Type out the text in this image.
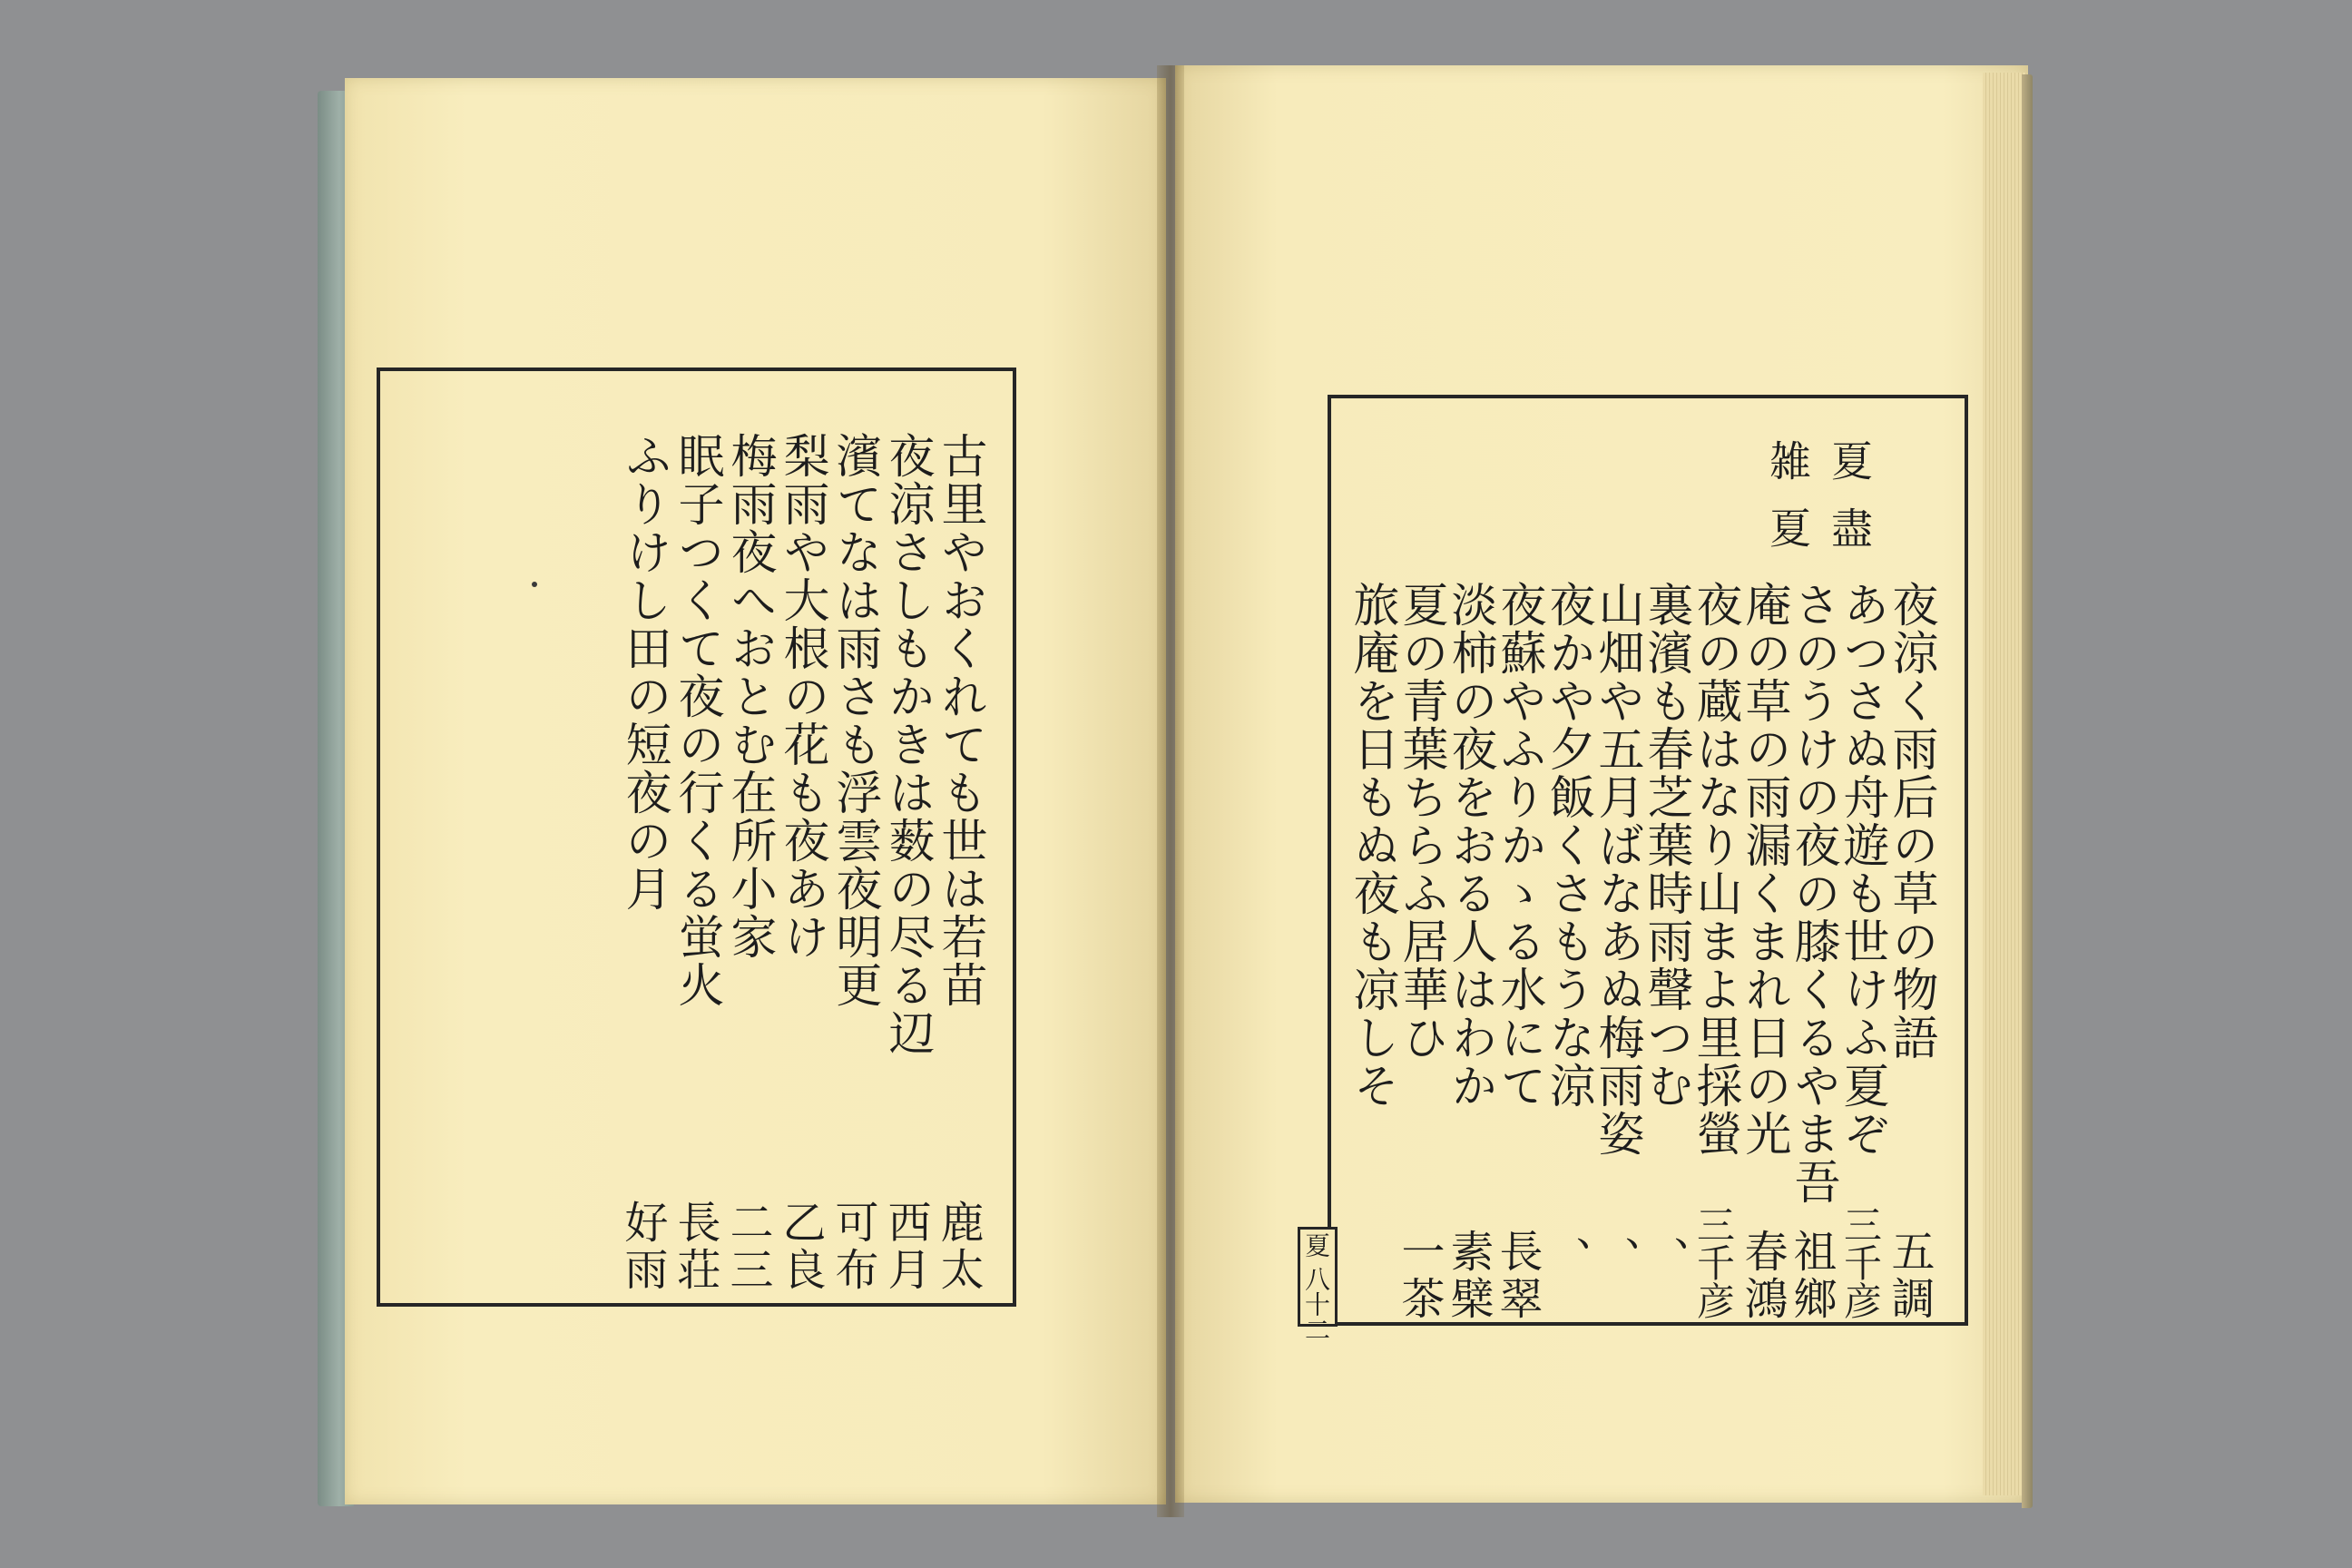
古里やおくれても世は若苗
夜涼さしもかきは薮の尽る辺
濱てなは雨さも浮雲夜明更
梨雨や大根の花も夜あけ
梅雨夜へおとむ在所小家
眠子つくて夜の行くる蛍火
ふりけし田の短夜の月
鹿太
西月
可布
乙良
二三
長荘
好雨
夏盡
雑夏
夜涼く雨后の草の物語
あつさぬ舟遊も世けふ夏ぞ
さのうけの夜の膝くるやま吾
庵の草の雨漏くまれ日の光
夜の蔵はなり山まよ里採螢
裏濱も春芝葉時雨聲つむ
山畑や五月ばなあぬ梅雨姿
夜かや夕飯くさもうな涼
夜蘇やふりかゝる水にて
淡柿の夜をおる人はわか
夏の青葉ちらふ居華ひ
旅庵を日もぬ夜も凉しそ
五調
三千彦
祖鄉
春鴻
三千彦
、
、
、
長翠
素檗
一茶
夏 八十二
